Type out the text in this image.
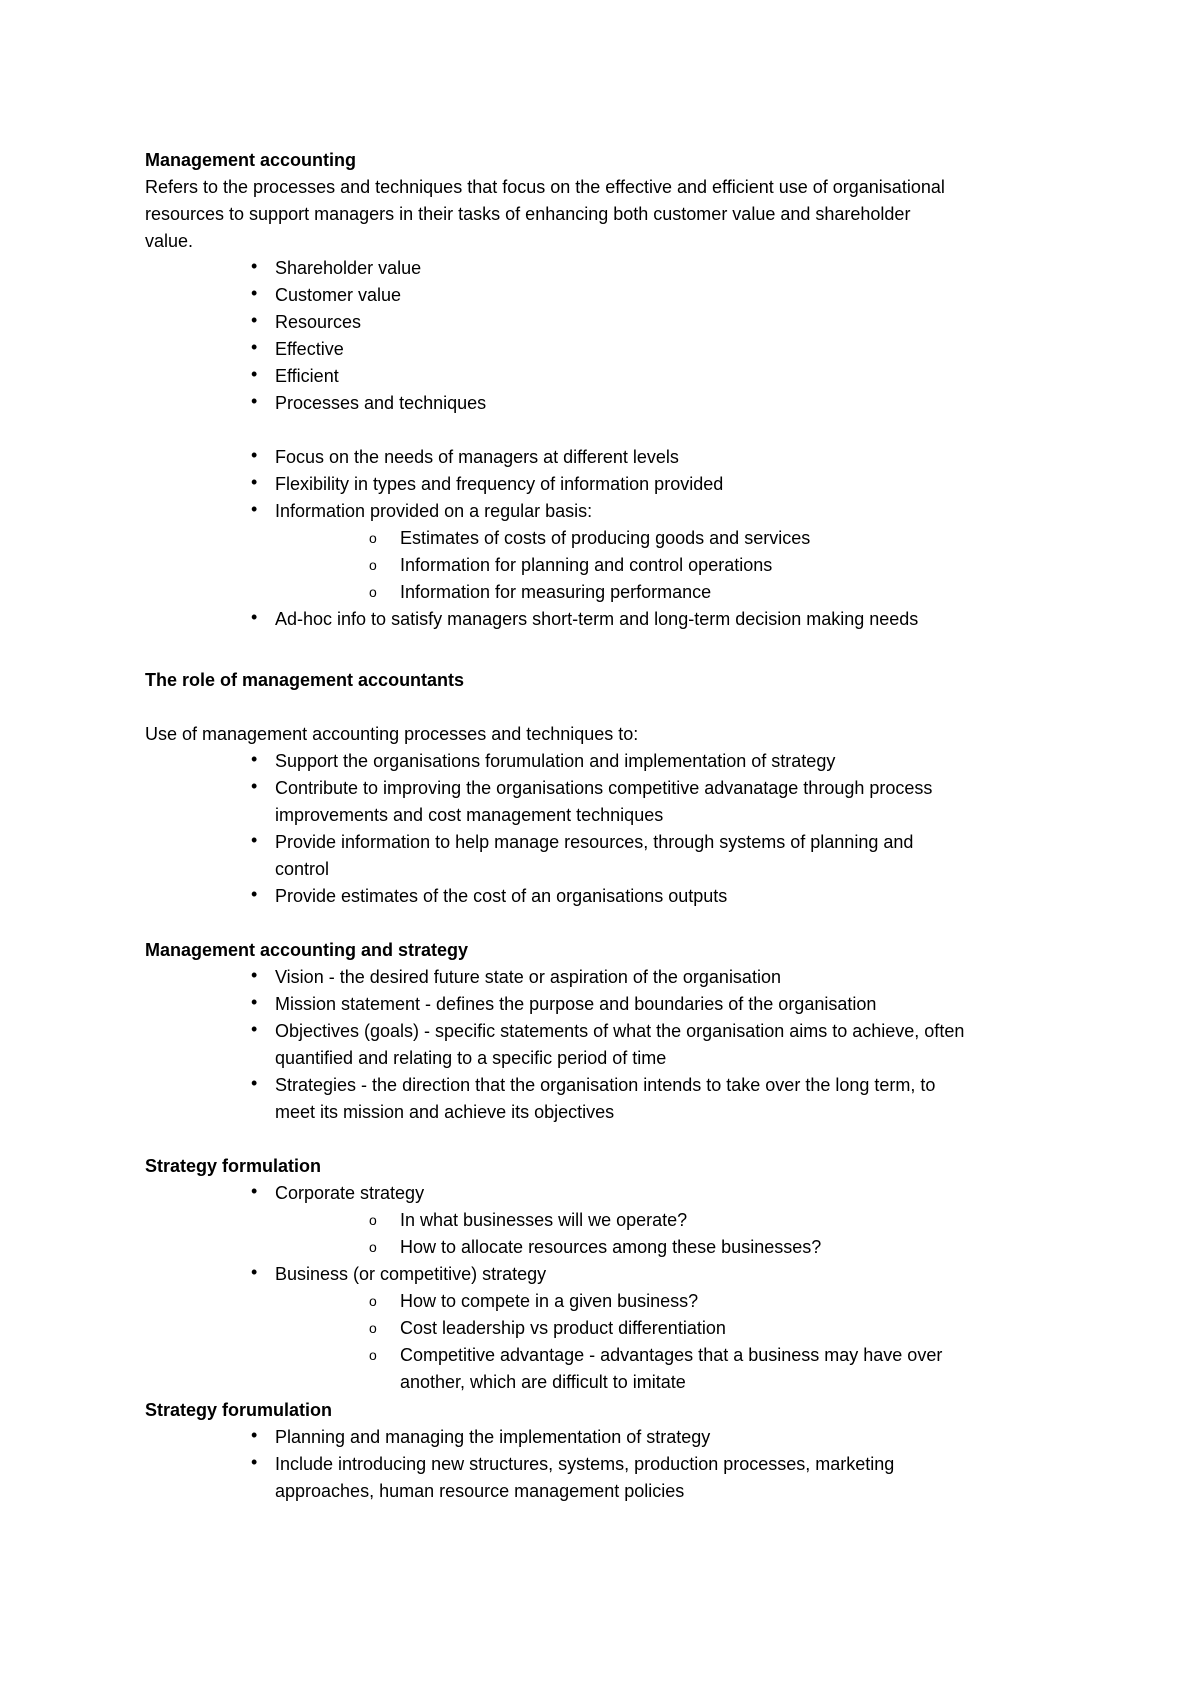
Management accounting
Refers to the processes and techniques that focus on the effective and efficient use of organisational
resources to support managers in their tasks of enhancing both customer value and shareholder
value.
• Shareholder value
• Customer value
• Resources
• Effective
• Efficient
• Processes and techniques
• Focus on the needs of managers at different levels
• Flexibility in types and frequency of information provided
• Information provided on a regular basis:
o Estimates of costs of producing goods and services
o Information for planning and control operations
o Information for measuring performance
• Ad-hoc info to satisfy managers short-term and long-term decision making needs
The role of management accountants
Use of management accounting processes and techniques to:
• Support the organisations forumulation and implementation of strategy
• Contribute to improving the organisations competitive advanatage through process
improvements and cost management techniques
• Provide information to help manage resources, through systems of planning and
control
• Provide estimates of the cost of an organisations outputs
Management accounting and strategy
• Vision - the desired future state or aspiration of the organisation
• Mission statement - defines the purpose and boundaries of the organisation
• Objectives (goals) - specific statements of what the organisation aims to achieve, often
quantified and relating to a specific period of time
• Strategies - the direction that the organisation intends to take over the long term, to
meet its mission and achieve its objectives
Strategy formulation
• Corporate strategy
o In what businesses will we operate?
o How to allocate resources among these businesses?
• Business (or competitive) strategy
o How to compete in a given business?
o Cost leadership vs product differentiation
o Competitive advantage - advantages that a business may have over
another, which are difficult to imitate
Strategy forumulation
• Planning and managing the implementation of strategy
• Include introducing new structures, systems, production processes, marketing
approaches, human resource management policies
